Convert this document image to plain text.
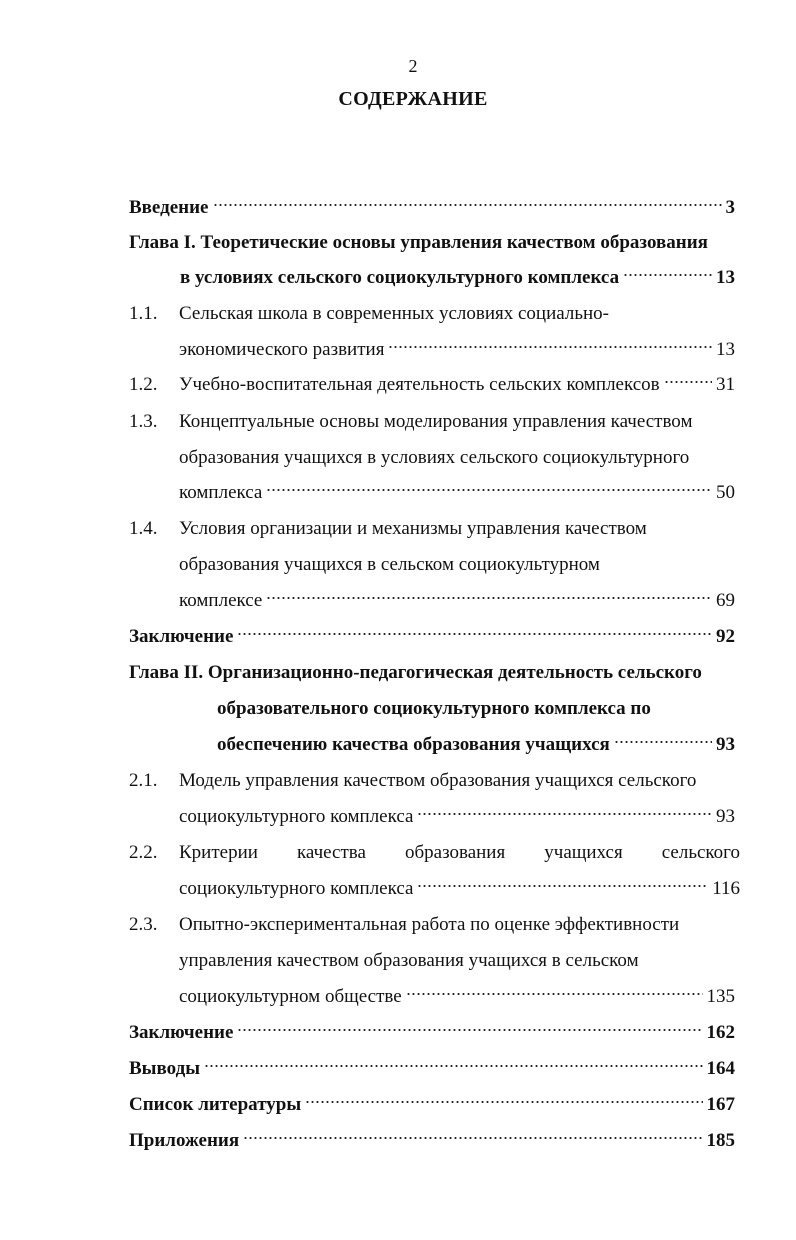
2
СОДЕРЖАНИЕ
Введение	3
Глава I. Теоретические основы управления качеством образования
в условиях сельского социокультурного комплекса	13
1.1. Сельская школа в современных условиях социально-
экономического развития	13
1.2. Учебно-воспитательная деятельность сельских комплексов	31
1.3. Концептуальные основы моделирования управления качеством
образования учащихся в условиях сельского социокультурного
комплекса	50
1.4. Условия организации и механизмы управления качеством
образования учащихся в сельском социокультурном
комплексе	69
Заключение	92
Глава II. Организационно-педагогическая деятельность сельского
образовательного социокультурного комплекса по
обеспечению качества образования учащихся	93
2.1. Модель управления качеством образования учащихся сельского
социокультурного комплекса	93
2.2. Критерии качества образования учащихся сельского
социокультурного комплекса	116
2.3. Опытно-экспериментальная работа по оценке эффективности
управления качеством образования учащихся в сельском
социокультурном обществе	135
Заключение	162
Выводы	164
Список литературы	167
Приложения	185
